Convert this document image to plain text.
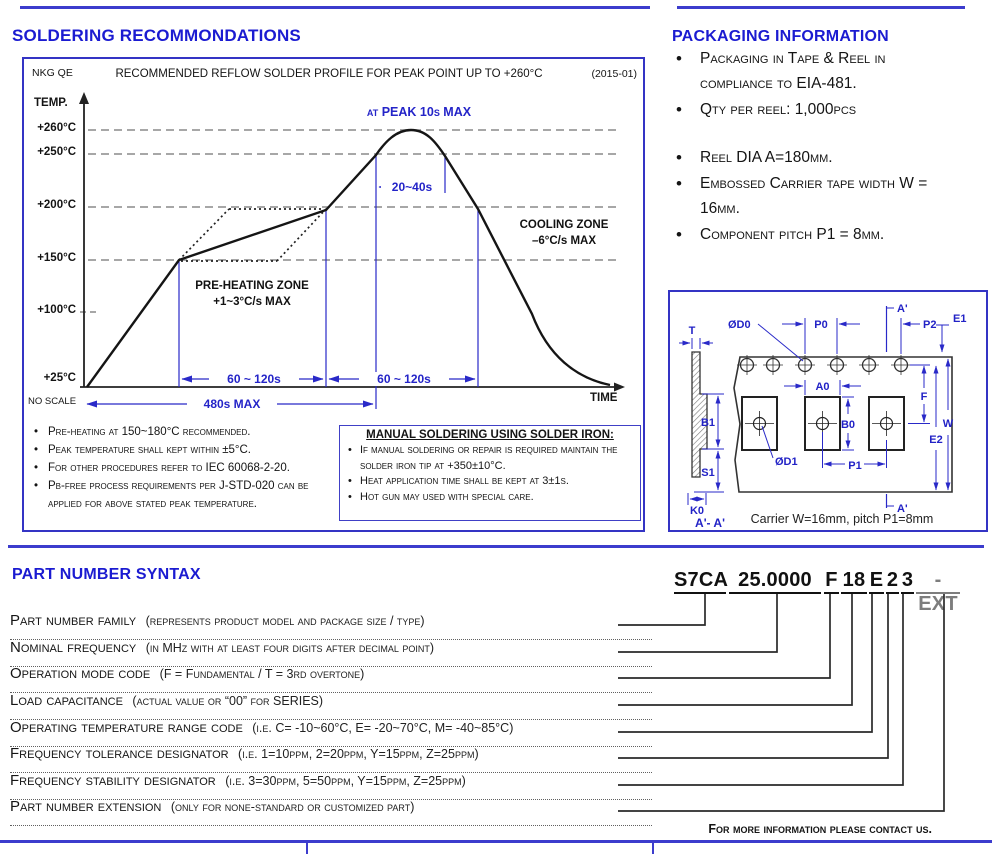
SOLDERING RECOMMONDATIONS
NKG QE	RECOMMENDED REFLOW SOLDER PROFILE FOR PEAK POINT UP TO +260°C	(2015-01)
TEMP.
+260°C
+250°C
+200°C
+150°C
+100°C
+25°C
NO SCALE	TIME
at PEAK 10s MAX
COOLING ZONE
–6°C/s MAX
PRE-HEATING ZONE
+1~3°C/s MAX
20~40s
60 ~ 120s	60 ~ 120s
480s MAX
• Pre-heating at 150~180°C recommended.
• Peak temperature shall kept within ±5°C.
• For other procedures refer to IEC 60068-2-20.
• Pb-free process requirements per J-STD-020 can be applied for above stated peak temperature.
MANUAL SOLDERING USING SOLDER IRON:
• If manual soldering or repair is required maintain the solder iron tip at +350±10°C.
• Heat application time shall be kept at 3±1s.
• Hot gun may used with special care.
PACKAGING INFORMATION
• Packaging in Tape & Reel in compliance to EIA-481.
• Qty per reel: 1,000pcs
• Reel DIA A=180mm.
• Embossed Carrier tape width W = 16mm.
• Component pitch P1 = 8mm.
T	ØD0	P0
A'
P2 E1
A0
F
E2
W
B0
B1
S1
ØD1	P1
K0	A'
A'- A' Carrier W=16mm, pitch P1=8mm
PART NUMBER SYNTAX	S7CA 25.0000 F 18 E 2 3	-EXT
Part number family (represents product model and package size / type)
Nominal frequency (in MHz with at least four digits after decimal point)
Operation mode code (F = Fundamental / T = 3rd overtone)
Load capacitance (actual value or “00” for SERIES)
Operating temperature range code (i.e. C= -10~60°C, E= -20~70°C, M= -40~85°C)
Frequency tolerance designator (i.e. 1=10ppm, 2=20ppm, Y=15ppm, Z=25ppm)
Frequency stability designator (i.e. 3=30ppm, 5=50ppm, Y=15ppm, Z=25ppm)
Part number extension (only for none-standard or customized part)
For more information please contact us.
